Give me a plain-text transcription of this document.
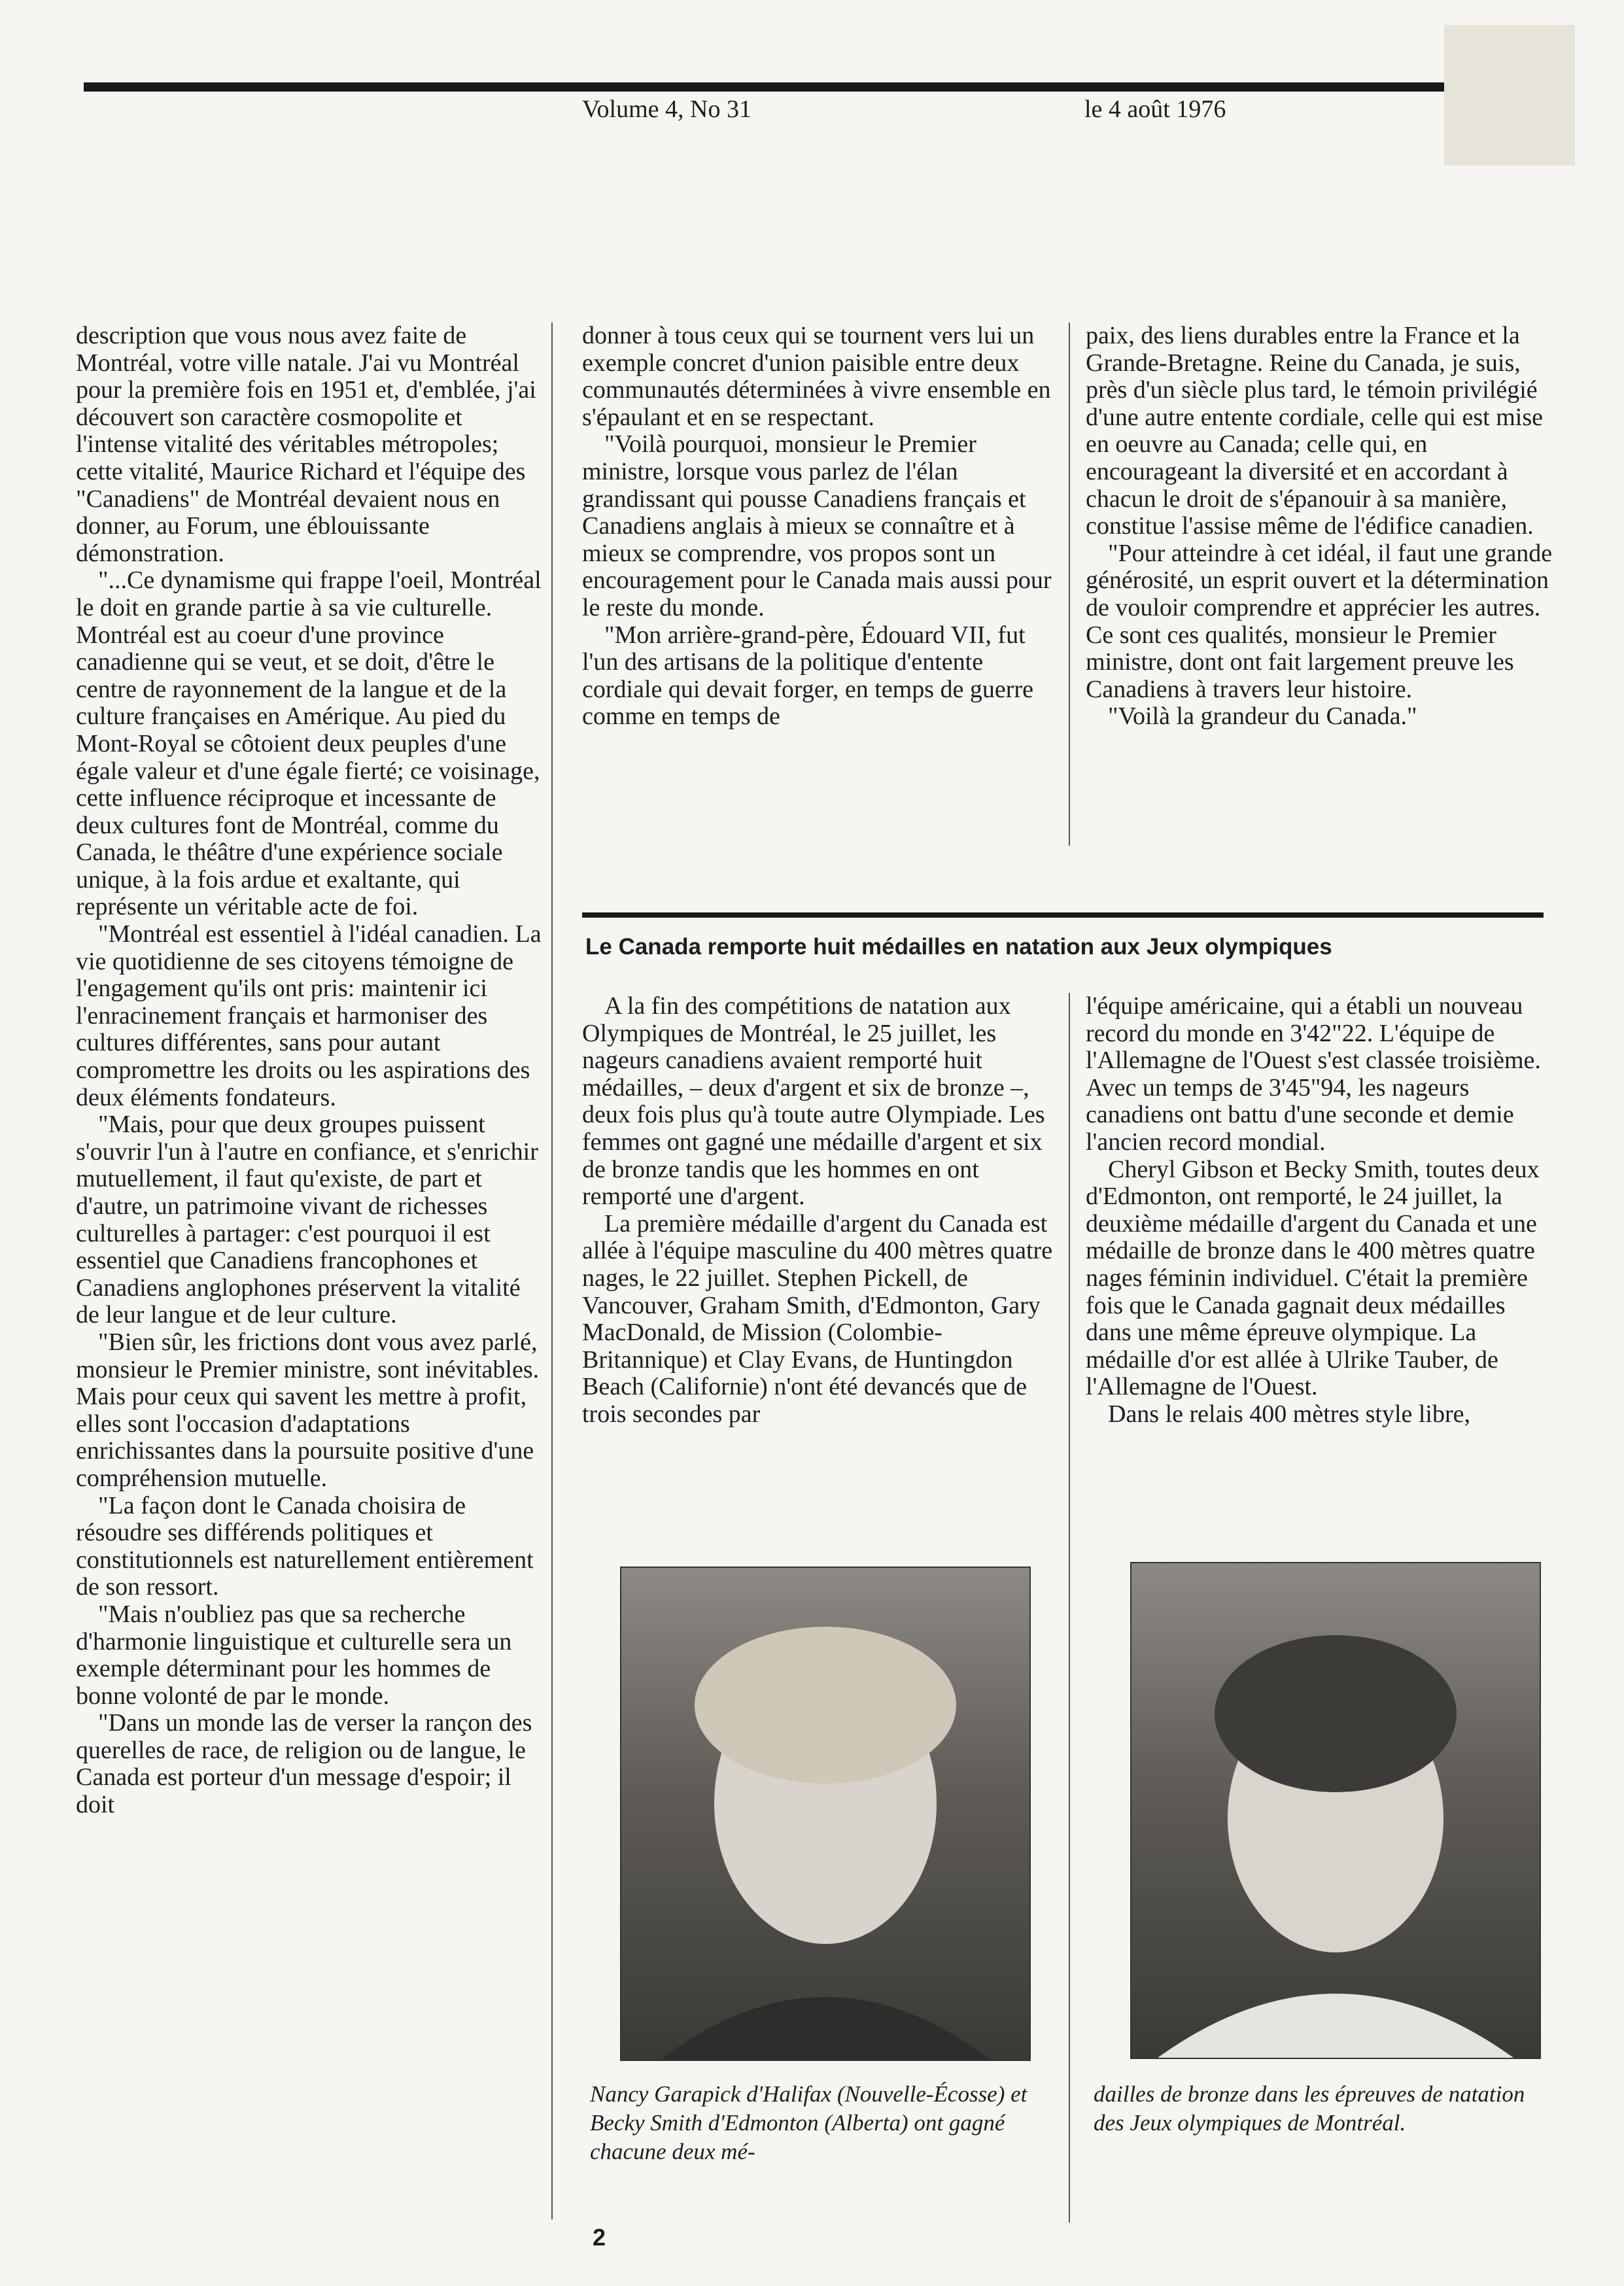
Volume 4, No 31	le 4 août 1976

description que vous nous avez faite de Montréal, votre ville natale. J'ai vu Montréal pour la première fois en 1951 et, d'emblée, j'ai découvert son caractère cosmopolite et l'intense vitalité des véritables métropoles; cette vitalité, Maurice Richard et l'équipe des "Canadiens" de Montréal devaient nous en donner, au Forum, une éblouissante démonstration.

"...Ce dynamisme qui frappe l'oeil, Montréal le doit en grande partie à sa vie culturelle. Montréal est au coeur d'une province canadienne qui se veut, et se doit, d'être le centre de rayonnement de la langue et de la culture françaises en Amérique. Au pied du Mont-Royal se côtoient deux peuples d'une égale valeur et d'une égale fierté; ce voisinage, cette influence réciproque et incessante de deux cultures font de Montréal, comme du Canada, le théâtre d'une expérience sociale unique, à la fois ardue et exaltante, qui représente un véritable acte de foi.

"Montréal est essentiel à l'idéal canadien. La vie quotidienne de ses citoyens témoigne de l'engagement qu'ils ont pris: maintenir ici l'enracinement français et harmoniser des cultures différentes, sans pour autant compromettre les droits ou les aspirations des deux éléments fondateurs.

"Mais, pour que deux groupes puissent s'ouvrir l'un à l'autre en confiance, et s'enrichir mutuellement, il faut qu'existe, de part et d'autre, un patrimoine vivant de richesses culturelles à partager: c'est pourquoi il est essentiel que Canadiens francophones et Canadiens anglophones préservent la vitalité de leur langue et de leur culture.

"Bien sûr, les frictions dont vous avez parlé, monsieur le Premier ministre, sont inévitables. Mais pour ceux qui savent les mettre à profit, elles sont l'occasion d'adaptations enrichissantes dans la poursuite positive d'une compréhension mutuelle.

"La façon dont le Canada choisira de résoudre ses différends politiques et constitutionnels est naturellement entièrement de son ressort.

"Mais n'oubliez pas que sa recherche d'harmonie linguistique et culturelle sera un exemple déterminant pour les hommes de bonne volonté de par le monde.

"Dans un monde las de verser la rançon des querelles de race, de religion ou de langue, le Canada est porteur d'un message d'espoir; il doit

donner à tous ceux qui se tournent vers lui un exemple concret d'union paisible entre deux communautés déterminées à vivre ensemble en s'épaulant et en se respectant.

"Voilà pourquoi, monsieur le Premier ministre, lorsque vous parlez de l'élan grandissant qui pousse Canadiens français et Canadiens anglais à mieux se connaître et à mieux se comprendre, vos propos sont un encouragement pour le Canada mais aussi pour le reste du monde.

"Mon arrière-grand-père, Édouard VII, fut l'un des artisans de la politique d'entente cordiale qui devait forger, en temps de guerre comme en temps de

paix, des liens durables entre la France et la Grande-Bretagne. Reine du Canada, je suis, près d'un siècle plus tard, le témoin privilégié d'une autre entente cordiale, celle qui est mise en oeuvre au Canada; celle qui, en encourageant la diversité et en accordant à chacun le droit de s'épanouir à sa manière, constitue l'assise même de l'édifice canadien.

"Pour atteindre à cet idéal, il faut une grande générosité, un esprit ouvert et la détermination de vouloir comprendre et apprécier les autres. Ce sont ces qualités, monsieur le Premier ministre, dont ont fait largement preuve les Canadiens à travers leur histoire.

"Voilà la grandeur du Canada."

Le Canada remporte huit médailles en natation aux Jeux olympiques

A la fin des compétitions de natation aux Olympiques de Montréal, le 25 juillet, les nageurs canadiens avaient remporté huit médailles, – deux d'argent et six de bronze –, deux fois plus qu'à toute autre Olympiade. Les femmes ont gagné une médaille d'argent et six de bronze tandis que les hommes en ont remporté une d'argent.

La première médaille d'argent du Canada est allée à l'équipe masculine du 400 mètres quatre nages, le 22 juillet. Stephen Pickell, de Vancouver, Graham Smith, d'Edmonton, Gary MacDonald, de Mission (Colombie-Britannique) et Clay Evans, de Huntingdon Beach (Californie) n'ont été devancés que de trois secondes par

l'équipe américaine, qui a établi un nouveau record du monde en 3'42"22. L'équipe de l'Allemagne de l'Ouest s'est classée troisième. Avec un temps de 3'45"94, les nageurs canadiens ont battu d'une seconde et demie l'ancien record mondial.

Cheryl Gibson et Becky Smith, toutes deux d'Edmonton, ont remporté, le 24 juillet, la deuxième médaille d'argent du Canada et une médaille de bronze dans le 400 mètres quatre nages féminin individuel. C'était la première fois que le Canada gagnait deux médailles dans une même épreuve olympique. La médaille d'or est allée à Ulrike Tauber, de l'Allemagne de l'Ouest.

Dans le relais 400 mètres style libre,

Nancy Garapick d'Halifax (Nouvelle-Écosse) et Becky Smith d'Edmonton (Alberta) ont gagné chacune deux mé-
dailles de bronze dans les épreuves de natation des Jeux olympiques de Montréal.
2
